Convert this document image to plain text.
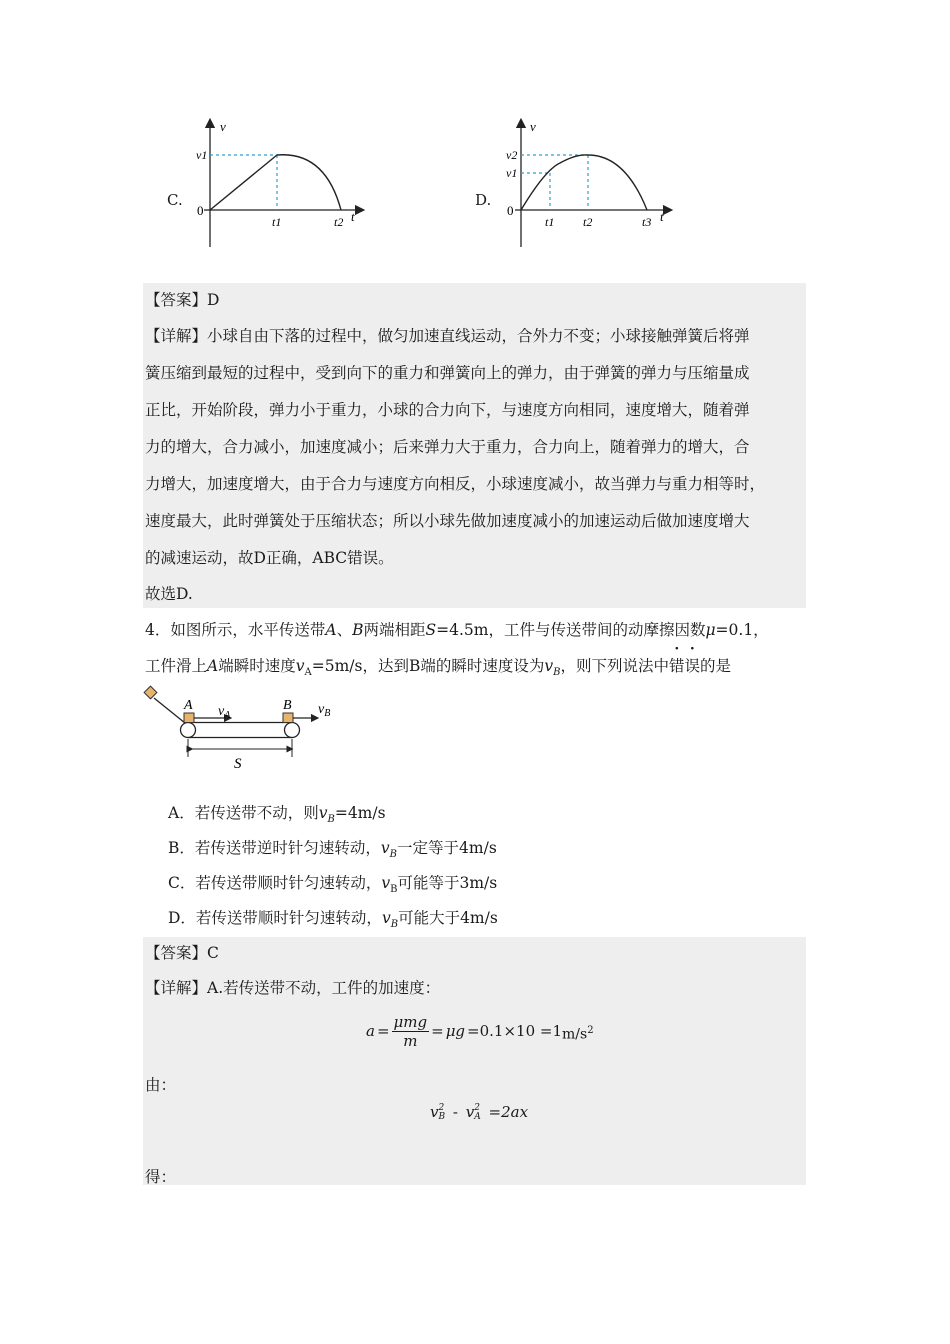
C.
v
t
0
v1
t1	t2
D.
v
t
0
v2
v1
t1 t2	t3
【答案】D
【详解】小球自由下落的过程中，做匀加速直线运动，合外力不变；小球接触弹簧后将弹
簧压缩到最短的过程中，受到向下的重力和弹簧向上的弹力，由于弹簧的弹力与压缩量成
正比，开始阶段，弹力小于重力，小球的合力向下，与速度方向相同，速度增大，随着弹
力的增大，合力减小，加速度减小；后来弹力大于重力，合力向上，随着弹力的增大，合
力增大，加速度增大，由于合力与速度方向相反，小球速度减小，故当弹力与重力相等时，
速度最大，此时弹簧处于压缩状态；所以小球先做加速度减小的加速运动后做加速度增大
的减速运动，故D正确，ABC错误。
故选D.
4．如图所示，水平传送带A、B两端相距S=4.5m，工件与传送带间的动摩擦因数μ=0.1，
工件滑上A端瞬时速度$v_A=5m/s$，达到B端的瞬时速度设为$v_B$，则下列说法中错误的是
A	B
$v_A$	$v_B$
S
A．若传送带不动，则$v_B=4m/s$
B．若传送带逆时针匀速转动，$v_B$一定等于4m/s
C．若传送带顺时针匀速转动，$v_B$可能等于3m/s
D．若传送带顺时针匀速转动，$v_B$可能大于4m/s
【答案】C
【详解】A.若传送带不动，工件的加速度：
a =
μmg
m
= μg =0.1×10 =1 $m/s^2$
由：
v 2
B - v 2
A =2ax
得：
